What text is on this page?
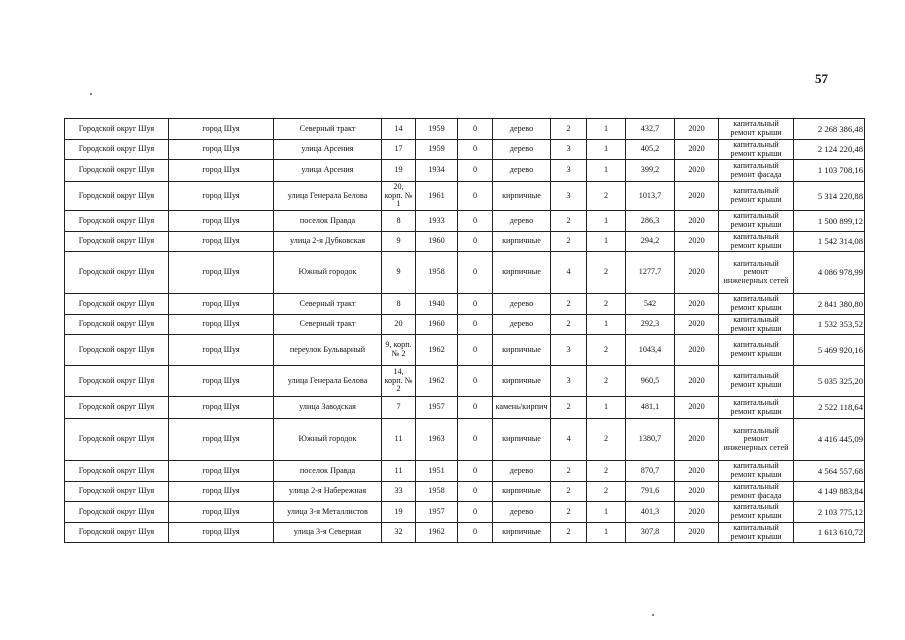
57
Городской округ Шуя	город Шуя	Северный тракт	14	1959	0	дерево	2	1	432,7	2020	капитальный ремонт крыши	2 268 386,48
Городской округ Шуя	город Шуя	улица Арсения	17	1959	0	дерево	3	1	405,2	2020	капитальный ремонт крыши	2 124 220,48
Городской округ Шуя	город Шуя	улица Арсения	19	1934	0	дерево	3	1	399,2	2020	капитальный ремонт фасада	1 103 708,16
Городской округ Шуя	город Шуя	улица Генерала Белова	20, корп. № 1	1961	0	кирпичные	3	2	1013,7	2020	капитальный ремонт крыши	5 314 220,88
Городской округ Шуя	город Шуя	поселок Правда	8	1933	0	дерево	2	1	286,3	2020	капитальный ремонт крыши	1 500 899,12
Городской округ Шуя	город Шуя	улица 2-я Дубковская	9	1960	0	кирпичные	2	1	294,2	2020	капитальный ремонт крыши	1 542 314,08
Городской округ Шуя	город Шуя	Южный городок	9	1958	0	кирпичные	4	2	1277,7	2020	капитальный ремонт инженерных сетей	4 086 978,99
Городской округ Шуя	город Шуя	Северный тракт	8	1940	0	дерево	2	2	542	2020	капитальный ремонт крыши	2 841 380,80
Городской округ Шуя	город Шуя	Северный тракт	20	1960	0	дерево	2	1	292,3	2020	капитальный ремонт крыши	1 532 353,52
Городской округ Шуя	город Шуя	переулок Бульварный	9, корп. № 2	1962	0	кирпичные	3	2	1043,4	2020	капитальный ремонт крыши	5 469 920,16
Городской округ Шуя	город Шуя	улица Генерала Белова	14, корп. № 2	1962	0	кирпичные	3	2	960,5	2020	капитальный ремонт крыши	5 035 325,20
Городской округ Шуя	город Шуя	улица Заводская	7	1957	0	камень/кирпич	2	1	481,1	2020	капитальный ремонт крыши	2 522 118,64
Городской округ Шуя	город Шуя	Южный городок	11	1963	0	кирпичные	4	2	1380,7	2020	капитальный ремонт инженерных сетей	4 416 445,09
Городской округ Шуя	город Шуя	поселок Правда	11	1951	0	дерево	2	2	870,7	2020	капитальный ремонт крыши	4 564 557,68
Городской округ Шуя	город Шуя	улица 2-я Набережная	33	1958	0	кирпичные	2	2	791,6	2020	капитальный ремонт фасада	4 149 883,84
Городской округ Шуя	город Шуя	улица 3-я Металлистов	19	1957	0	дерево	2	1	401,3	2020	капитальный ремонт крыши	2 103 775,12
Городской округ Шуя	город Шуя	улица 3-я Северная	32	1962	0	кирпичные	2	1	307,8	2020	капитальный ремонт крыши	1 613 610,72
